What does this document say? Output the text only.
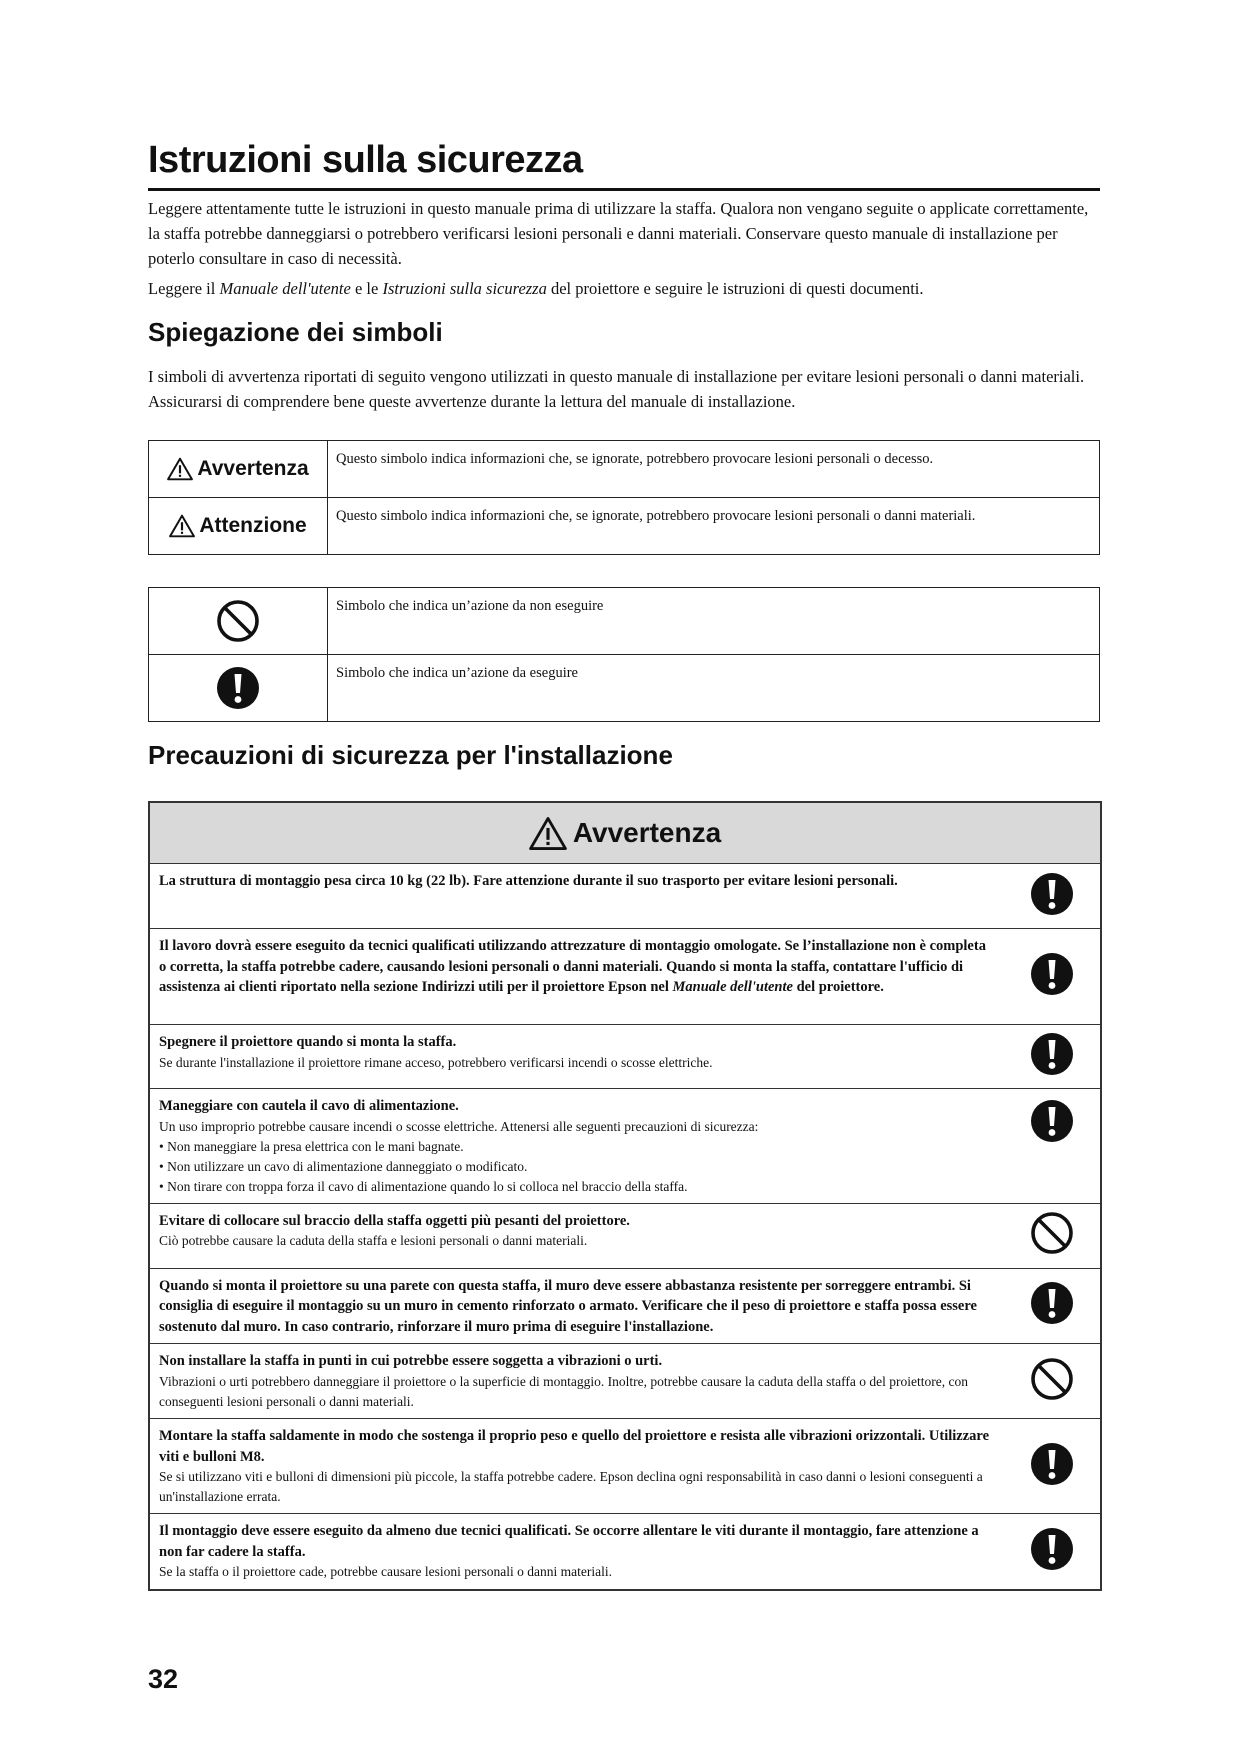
Istruzioni sulla sicurezza
Leggere attentamente tutte le istruzioni in questo manuale prima di utilizzare la staffa. Qualora non vengano seguite o applicate correttamente, la staffa potrebbe danneggiarsi o potrebbero verificarsi lesioni personali e danni materiali. Conservare questo manuale di installazione per poterlo consultare in caso di necessità.
Leggere il Manuale dell'utente e le Istruzioni sulla sicurezza del proiettore e seguire le istruzioni di questi documenti.
Spiegazione dei simboli
I simboli di avvertenza riportati di seguito vengono utilizzati in questo manuale di installazione per evitare lesioni personali o danni materiali. Assicurarsi di comprendere bene queste avvertenze durante la lettura del manuale di installazione.
Avvertenza	Questo simbolo indica informazioni che, se ignorate, potrebbero provocare lesioni personali o decesso.

Attenzione	Questo simbolo indica informazioni che, se ignorate, potrebbero provocare lesioni personali o danni materiali.
	Simbolo che indica un’azione da non eseguire

	Simbolo che indica un’azione da eseguire
Precauzioni di sicurezza per l'installazione
Avvertenza	

La struttura di montaggio pesa circa 10 kg (22 lb). Fare attenzione durante il suo trasporto per evitare lesioni personali.

Il lavoro dovrà essere eseguito da tecnici qualificati utilizzando attrezzature di montaggio omologate. Se l’installazione non è completa o corretta, la staffa potrebbe cadere, causando lesioni personali o danni materiali. Quando si monta la staffa, contattare l'ufficio di assistenza ai clienti riportato nella sezione Indirizzi utili per il proiettore Epson nel Manuale dell'utente del proiettore.

Spegnere il proiettore quando si monta la staffa.
Se durante l'installazione il proiettore rimane acceso, potrebbero verificarsi incendi o scosse elettriche.

Maneggiare con cautela il cavo di alimentazione.
Un uso improprio potrebbe causare incendi o scosse elettriche. Attenersi alle seguenti precauzioni di sicurezza:
• Non maneggiare la presa elettrica con le mani bagnate.
• Non utilizzare un cavo di alimentazione danneggiato o modificato.
• Non tirare con troppa forza il cavo di alimentazione quando lo si colloca nel braccio della staffa.

Evitare di collocare sul braccio della staffa oggetti più pesanti del proiettore.
Ciò potrebbe causare la caduta della staffa e lesioni personali o danni materiali.

Quando si monta il proiettore su una parete con questa staffa, il muro deve essere abbastanza resistente per sorreggere entrambi. Si consiglia di eseguire il montaggio su un muro in cemento rinforzato o armato. Verificare che il peso di proiettore e staffa possa essere sostenuto dal muro. In caso contrario, rinforzare il muro prima di eseguire l'installazione.

Non installare la staffa in punti in cui potrebbe essere soggetta a vibrazioni o urti.
Vibrazioni o urti potrebbero danneggiare il proiettore o la superficie di montaggio. Inoltre, potrebbe causare la caduta della staffa o del proiettore, con conseguenti lesioni personali o danni materiali.

Montare la staffa saldamente in modo che sostenga il proprio peso e quello del proiettore e resista alle vibrazioni orizzontali. Utilizzare viti e bulloni M8.
Se si utilizzano viti e bulloni di dimensioni più piccole, la staffa potrebbe cadere. Epson declina ogni responsabilità in caso danni o lesioni conseguenti a un'installazione errata.

Il montaggio deve essere eseguito da almeno due tecnici qualificati. Se occorre allentare le viti durante il montaggio, fare attenzione a non far cadere la staffa.
Se la staffa o il proiettore cade, potrebbe causare lesioni personali o danni materiali.

32
